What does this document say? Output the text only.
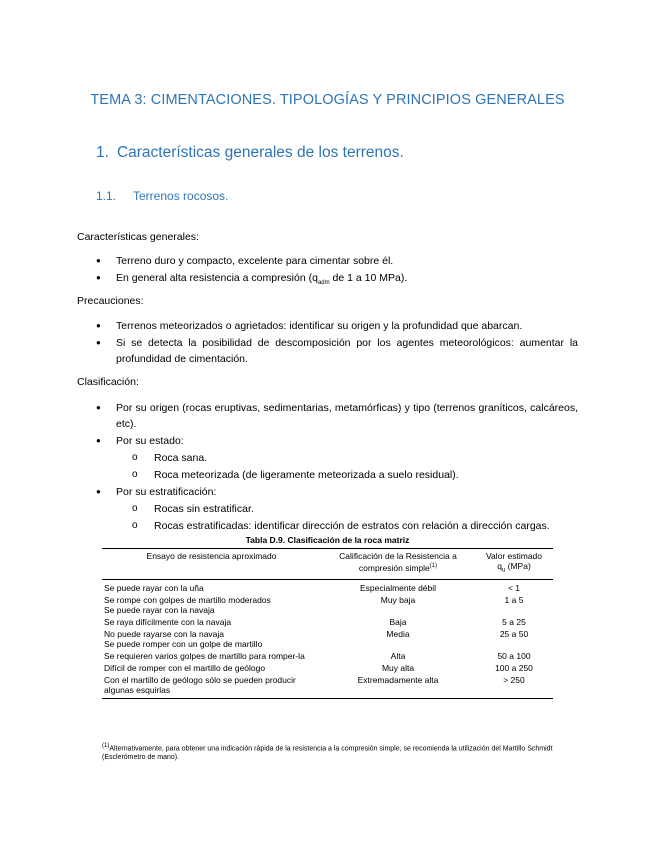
TEMA 3: CIMENTACIONES. TIPOLOGÍAS Y PRINCIPIOS GENERALES
1. Características generales de los terrenos.
1.1. Terrenos rocosos.
Características generales:
● Terreno duro y compacto, excelente para cimentar sobre él.
● En general alta resistencia a compresión ($q_{adm}$ de 1 a 10 MPa).
Precauciones:
● Terrenos meteorizados o agrietados: identificar su origen y la profundidad que abarcan.
● Si se detecta la posibilidad de descomposición por los agentes meteorológicos: aumentar la profundidad de cimentación.
Clasificación:
● Por su origen (rocas eruptivas, sedimentarias, metamórficas) y tipo (terrenos graníticos, calcáreos, etc).
● Por su estado:
o Roca sana.
o Roca meteorizada (de ligeramente meteorizada a suelo residual).
● Por su estratificación:
o Rocas sin estratificar.
o Rocas estratificadas: identificar dirección de estratos con relación a dirección cargas.
Tabla D.9. Clasificación de la roca matriz
Ensayo de resistencia aproximado	Calificación de la Resistencia a compresión simple$^{(1)}$	Valor estimado
$q_u$ (MPa)
Se puede rayar con la uña	Especialmente débil	< 1

Se rompe con golpes de martillo moderados
Se puede rayar con la navaja	Muy baja	1 a 5
Se raya difícilmente con la navaja	Baja	5 a 25

No puede rayarse con la navaja
Se puede romper con un golpe de martillo	Media	25 a 50
Se requieren varios golpes de martillo para romper-la	Alta	50 a 100
Difícil de romper con el martillo de geólogo	Muy alta	100 a 250
Con el martillo de geólogo sólo se pueden producir algunas esquirlas	Extremadamente alta	> 250
$^{(1)}$Alternativamente, para obtener una indicación rápida de la resistencia a la compresión simple, se recomienda la utilización del Martillo Schmidt (Esclerómetro de mano).
